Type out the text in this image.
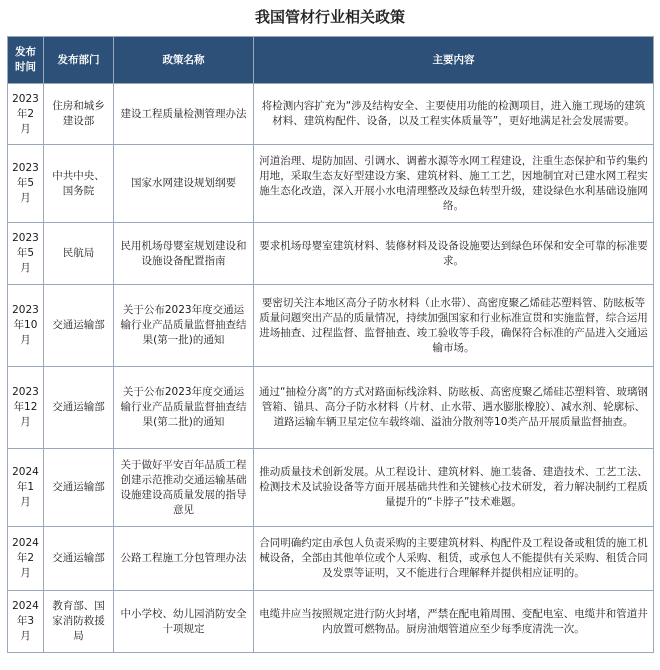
我国管材行业相关政策
发布时间	发布部门	政策名称	主要内容
2023年2月	住房和城乡建设部	建设工程质量检测管理办法	将检测内容扩充为“涉及结构安全、主要使用功能的检测项目，进入施工现场的建筑材料、建筑构配件、设备，以及工程实体质量等”，更好地满足社会发展需要。
2023年5月	中共中央、国务院	国家水网建设规划纲要	河道治理、堤防加固、引调水、调蓄水源等水网工程建设，注重生态保护和节约集约用地，采取生态友好型建设方案、建筑材料、施工工艺，因地制宜对已建水网工程实施生态化改造，深入开展小水电清理整改及绿色转型升级，建设绿色水利基础设施网络。
2023年5月	民航局	民用机场母婴室规划建设和设施设备配置指南	要求机场母婴室建筑材料、装修材料及设备设施要达到绿色环保和安全可靠的标准要求。
2023年10月	交通运输部	关于公布2023年度交通运输行业产品质量监督抽查结果(第一批)的通知	要密切关注本地区高分子防水材料（止水带）、高密度聚乙烯硅芯塑料管、防眩板等质量问题突出产品的质量情况，持续加强国家和行业标准宣贯和实施监督，综合运用进场抽查、过程监督、监督抽查、竣工验收等手段，确保符合标准的产品进入交通运输市场。
2023年12月	交通运输部	关于公布2023年度交通运输行业产品质量监督抽查结果(第二批)的通知	通过“抽检分离”的方式对路面标线涂料、防眩板、高密度聚乙烯硅芯塑料管、玻璃钢管箱、锚具、高分子防水材料（片材、止水带、遇水膨胀橡胶）、减水剂、轮廓标、道路运输车辆卫星定位车载终端、溢油分散剂等10类产品开展质量监督抽查。
2024年1月	交通运输部	关于做好平安百年品质工程创建示范推动交通运输基础设施建设高质量发展的指导意见	推动质量技术创新发展。从工程设计、建筑材料、施工装备、建造技术、工艺工法、检测技术及试验设备等方面开展基础共性和关键核心技术研发，着力解决制约工程质量提升的“卡脖子”技术难题。
2024年2月	交通运输部	公路工程施工分包管理办法	合同明确约定由承包人负责采购的主要建筑材料、构配件及工程设备或租赁的施工机械设备，全部由其他单位或个人采购、租赁，或承包人不能提供有关采购、租赁合同及发票等证明，又不能进行合理解释并提供相应证明的。
2024年3月	教育部、国家消防救援局	中小学校、幼儿园消防安全十项规定	电缆井应当按照规定进行防火封堵，严禁在配电箱周围、变配电室、电缆井和管道井内放置可燃物品。厨房油烟管道应至少每季度清洗一次。
